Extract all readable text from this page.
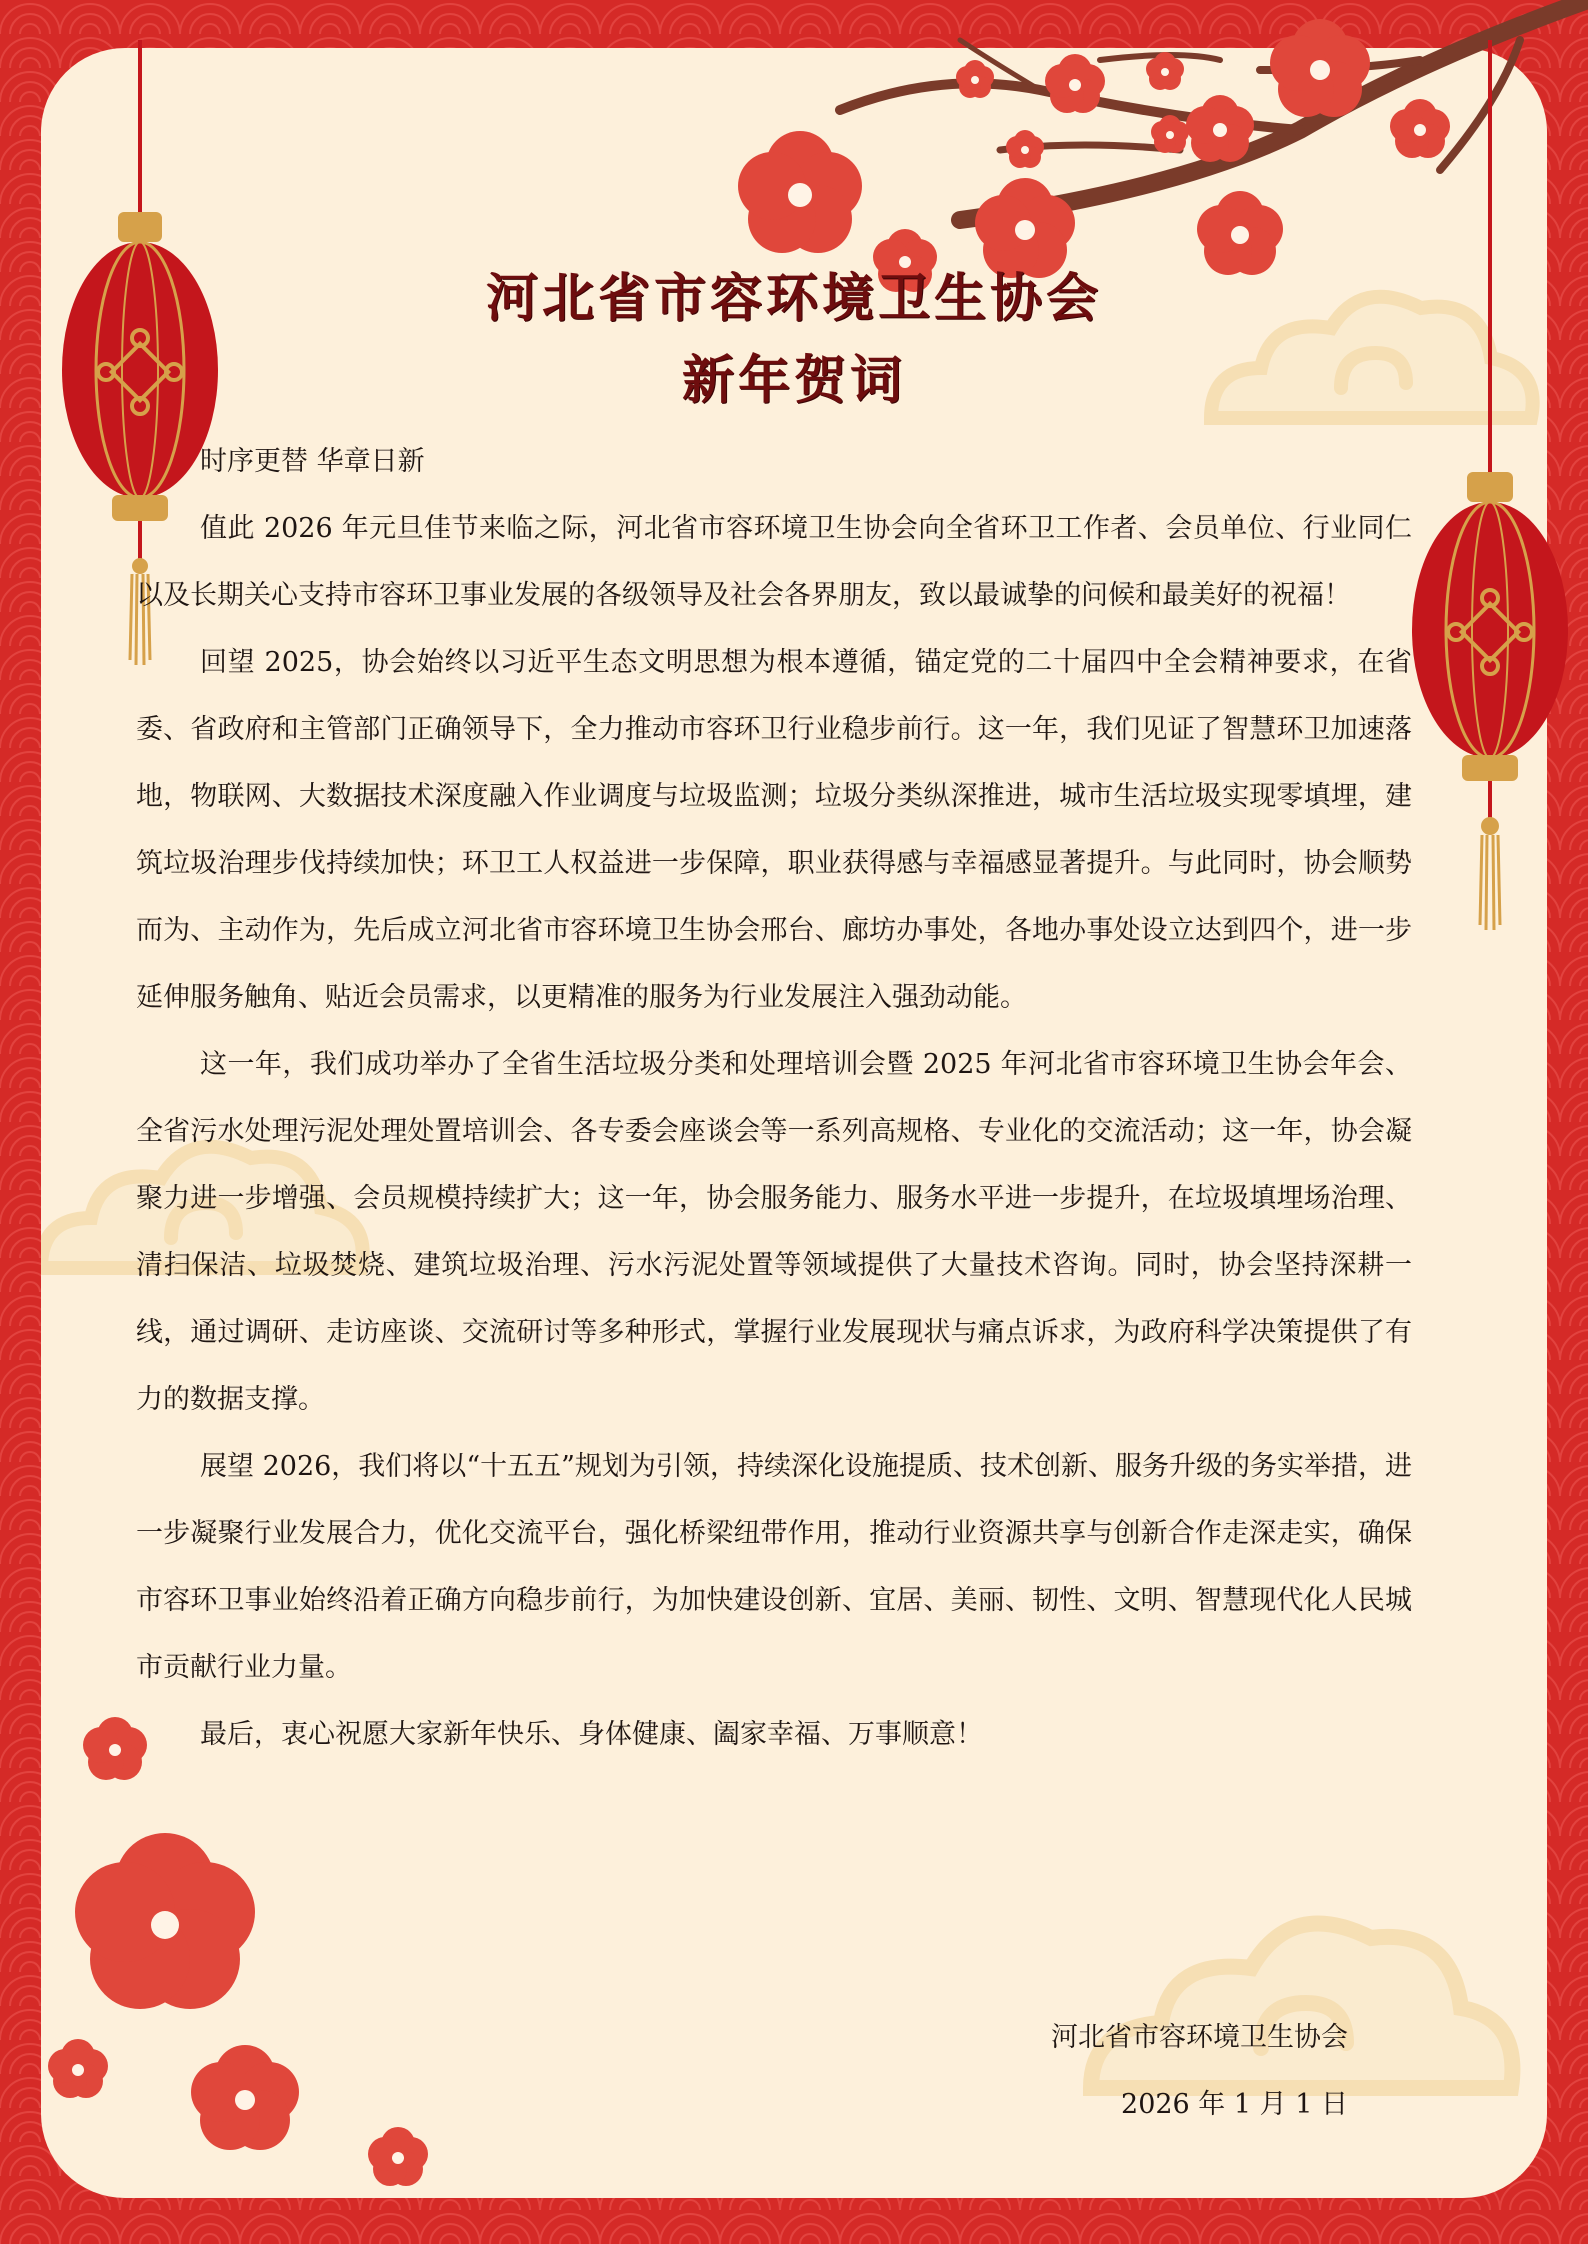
河北省市容环境卫生协会
新年贺词

时序更替 华章日新

值此 2026 年元旦佳节来临之际，河北省市容环境卫生协会向全省环卫工作者、会员单位、行业同仁以及长期关心支持市容环卫事业发展的各级领导及社会各界朋友，致以最诚挚的问候和最美好的祝福！

回望 2025，协会始终以习近平生态文明思想为根本遵循，锚定党的二十届四中全会精神要求，在省委、省政府和主管部门正确领导下，全力推动市容环卫行业稳步前行。这一年，我们见证了智慧环卫加速落地，物联网、大数据技术深度融入作业调度与垃圾监测；垃圾分类纵深推进，城市生活垃圾实现零填埋，建筑垃圾治理步伐持续加快；环卫工人权益进一步保障，职业获得感与幸福感显著提升。与此同时，协会顺势而为、主动作为，先后成立河北省市容环境卫生协会邢台、廊坊办事处，各地办事处设立达到四个，进一步延伸服务触角、贴近会员需求，以更精准的服务为行业发展注入强劲动能。

这一年，我们成功举办了全省生活垃圾分类和处理培训会暨 2025 年河北省市容环境卫生协会年会、全省污水处理污泥处理处置培训会、各专委会座谈会等一系列高规格、专业化的交流活动；这一年，协会凝聚力进一步增强、会员规模持续扩大；这一年，协会服务能力、服务水平进一步提升，在垃圾填埋场治理、清扫保洁、垃圾焚烧、建筑垃圾治理、污水污泥处置等领域提供了大量技术咨询。同时，协会坚持深耕一线，通过调研、走访座谈、交流研讨等多种形式，掌握行业发展现状与痛点诉求，为政府科学决策提供了有力的数据支撑。

展望 2026，我们将以“十五五”规划为引领，持续深化设施提质、技术创新、服务升级的务实举措，进一步凝聚行业发展合力，优化交流平台，强化桥梁纽带作用，推动行业资源共享与创新合作走深走实，确保市容环卫事业始终沿着正确方向稳步前行，为加快建设创新、宜居、美丽、韧性、文明、智慧现代化人民城市贡献行业力量。

最后，衷心祝愿大家新年快乐、身体健康、阖家幸福、万事顺意！

河北省市容环境卫生协会
2026 年 1 月 1 日
